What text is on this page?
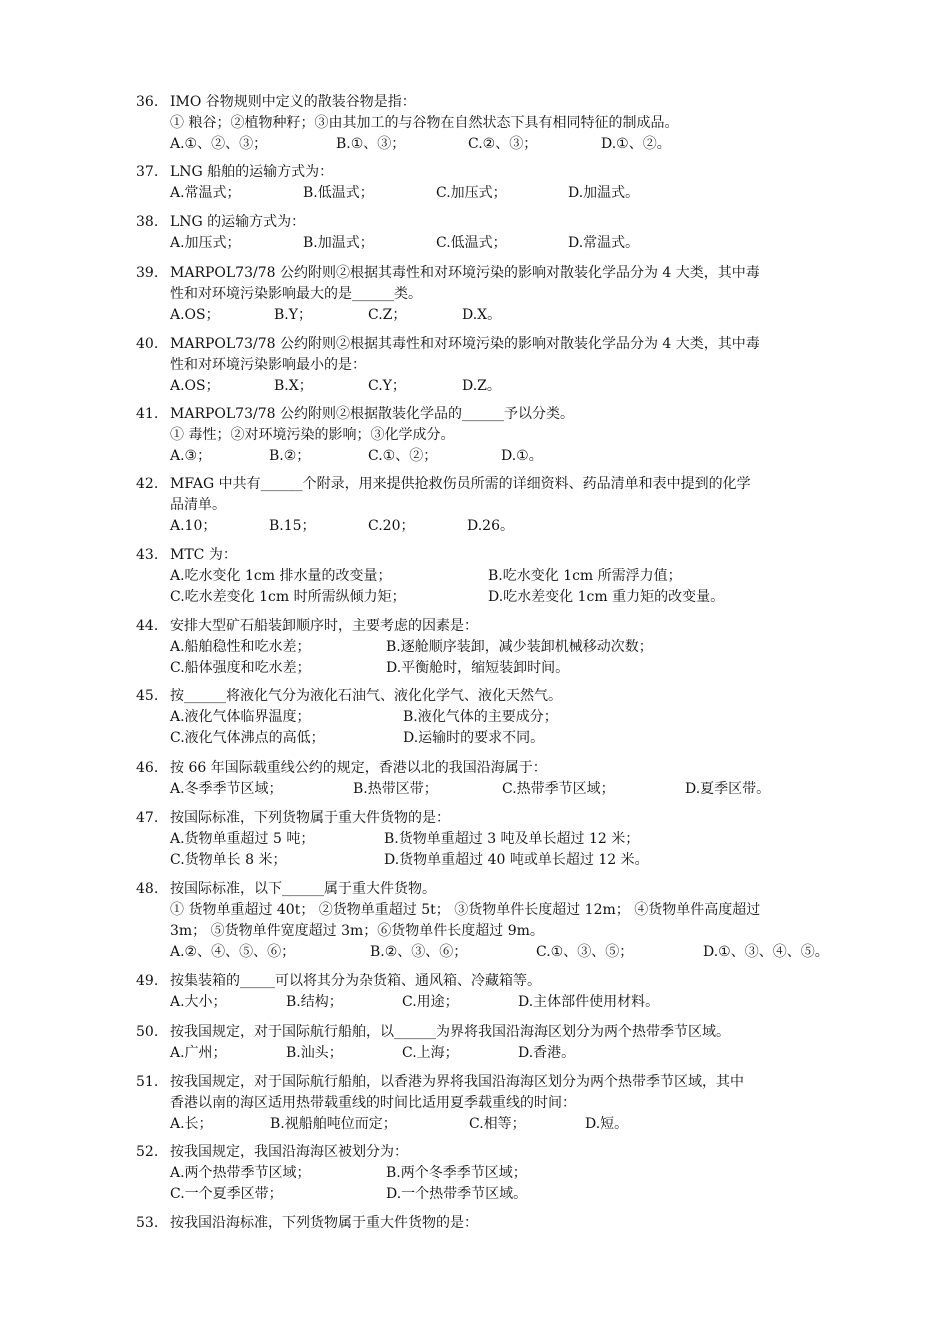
36. IMO 谷物规则中定义的散装谷物是指：
① 粮谷；②植物种籽；③由其加工的与谷物在自然状态下具有相同特征的制成品。
A.①、②、③；	B.①、③；	C.②、③；	D.①、②。
37. LNG 船舶的运输方式为：
A.常温式；	B.低温式；	C.加压式；	D.加温式。
38. LNG 的运输方式为：
A.加压式；	B.加温式；	C.低温式；	D.常温式。
39. MARPOL73/78 公约附则②根据其毒性和对环境污染的影响对散装化学品分为 4 大类，其中毒
性和对环境污染影响最大的是______类。
A.OS；	B.Y；	C.Z；	D.X。
40. MARPOL73/78 公约附则②根据其毒性和对环境污染的影响对散装化学品分为 4 大类，其中毒
性和对环境污染影响最小的是：
A.OS；	B.X；	C.Y；	D.Z。
41. MARPOL73/78 公约附则②根据散装化学品的______予以分类。
① 毒性；②对环境污染的影响；③化学成分。
A.③；	B.②；	C.①、②；	D.①。
42. MFAG 中共有______个附录，用来提供抢救伤员所需的详细资料、药品清单和表中提到的化学
品清单。
A.10；	B.15；	C.20；	D.26。
43. MTC 为：
A.吃水变化 1cm 排水量的改变量；	B.吃水变化 1cm 所需浮力值；
C.吃水差变化 1cm 时所需纵倾力矩；	D.吃水差变化 1cm 重力矩的改变量。
44. 安排大型矿石船装卸顺序时，主要考虑的因素是：
A.船舶稳性和吃水差；	B.逐舱顺序装卸，减少装卸机械移动次数；
C.船体强度和吃水差；	D.平衡舱时，缩短装卸时间。
45. 按______将液化气分为液化石油气、液化化学气、液化天然气。
A.液化气体临界温度；	B.液化气体的主要成分；
C.液化气体沸点的高低；	D.运输时的要求不同。
46. 按 66 年国际载重线公约的规定，香港以北的我国沿海属于：
A.冬季季节区域；	B.热带区带；	C.热带季节区域；	D.夏季区带。
47. 按国际标准，下列货物属于重大件货物的是：
A.货物单重超过 5 吨；	B.货物单重超过 3 吨及单长超过 12 米；
C.货物单长 8 米；	D.货物单重超过 40 吨或单长超过 12 米。
48. 按国际标准，以下______属于重大件货物。
① 货物单重超过 40t； ②货物单重超过 5t； ③货物单件长度超过 12m； ④货物单件高度超过
3m； ⑤货物单件宽度超过 3m；⑥货物单件长度超过 9m。
A.②、④、⑤、⑥；	B.②、③、⑥；	C.①、③、⑤；	D.①、③、④、⑤。
49. 按集装箱的_____可以将其分为杂货箱、通风箱、冷藏箱等。
A.大小；	B.结构；	C.用途；	D.主体部件使用材料。
50. 按我国规定，对于国际航行船舶，以______为界将我国沿海海区划分为两个热带季节区域。
A.广州；	B.汕头；	C.上海；	D.香港。
51. 按我国规定，对于国际航行船舶，以香港为界将我国沿海海区划分为两个热带季节区域，其中
香港以南的海区适用热带载重线的时间比适用夏季载重线的时间：
A.长；	B.视船舶吨位而定；	C.相等；	D.短。
52. 按我国规定，我国沿海海区被划分为：
A.两个热带季节区域；	B.两个冬季季节区域；
C.一个夏季区带；	D.一个热带季节区域。
53. 按我国沿海标准，下列货物属于重大件货物的是：
